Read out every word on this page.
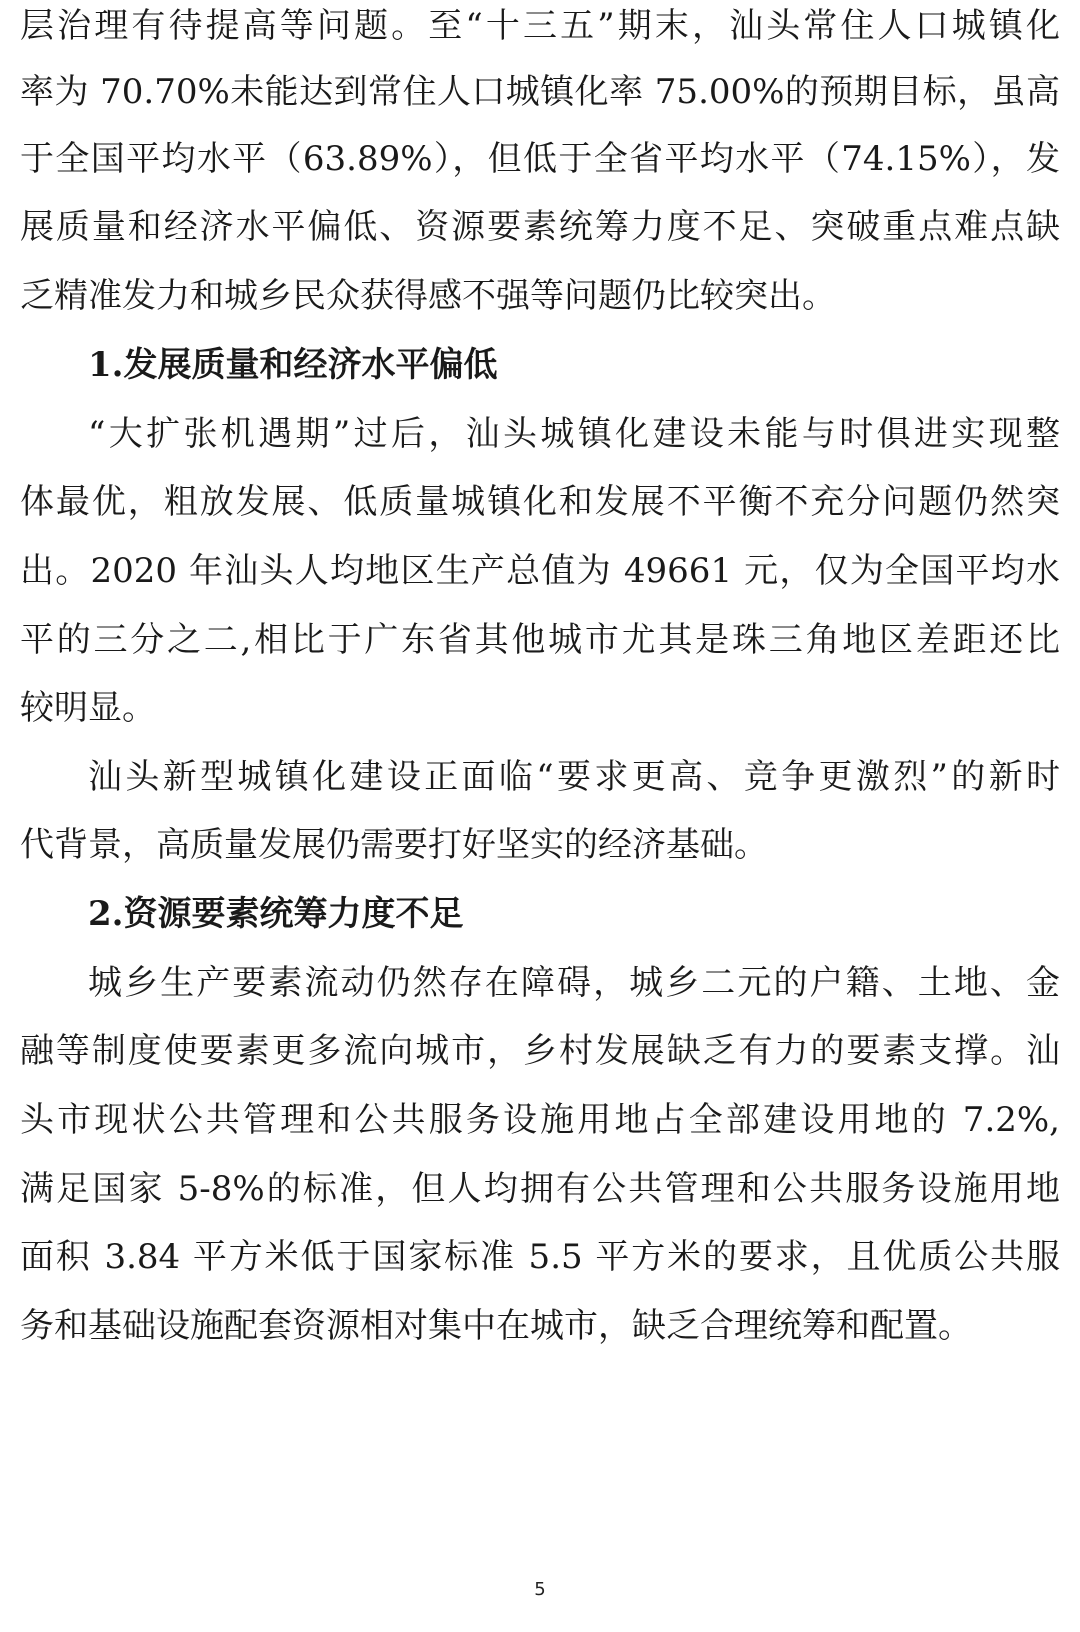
层治理有待提高等问题。至“十三五”期末，汕头常住人口城镇化
率为 70.70%未能达到常住人口城镇化率 75.00%的预期目标，虽高
于全国平均水平（63.89%），但低于全省平均水平（74.15%），发
展质量和经济水平偏低、资源要素统筹力度不足、突破重点难点缺
乏精准发力和城乡民众获得感不强等问题仍比较突出。
1.发展质量和经济水平偏低
“大扩张机遇期”过后，汕头城镇化建设未能与时俱进实现整
体最优，粗放发展、低质量城镇化和发展不平衡不充分问题仍然突
出。2020 年汕头人均地区生产总值为 49661 元，仅为全国平均水
平的三分之二,相比于广东省其他城市尤其是珠三角地区差距还比
较明显。
汕头新型城镇化建设正面临“要求更高、竞争更激烈”的新时
代背景，高质量发展仍需要打好坚实的经济基础。
2.资源要素统筹力度不足
城乡生产要素流动仍然存在障碍，城乡二元的户籍、土地、金
融等制度使要素更多流向城市，乡村发展缺乏有力的要素支撑。汕
头市现状公共管理和公共服务设施用地占全部建设用地的 7.2%,
满足国家 5-8%的标准，但人均拥有公共管理和公共服务设施用地
面积 3.84 平方米低于国家标准 5.5 平方米的要求，且优质公共服
务和基础设施配套资源相对集中在城市，缺乏合理统筹和配置。
5
